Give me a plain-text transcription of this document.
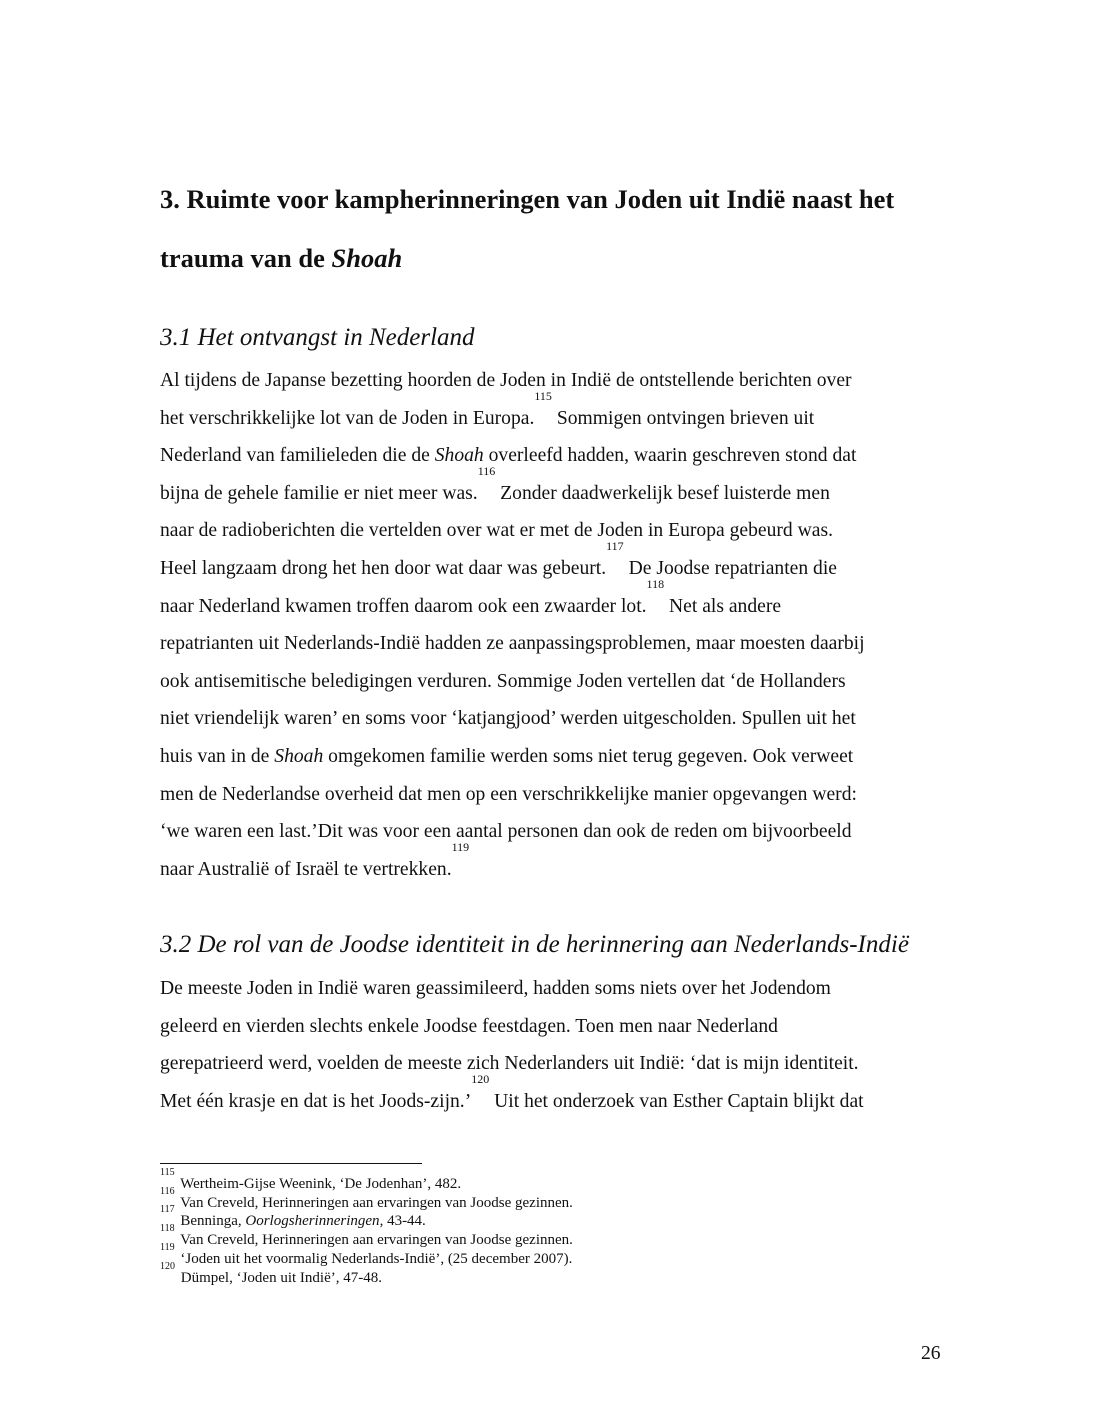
3. Ruimte voor kampherinneringen van Joden uit Indië naast het trauma van de Shoah
3.1 Het ontvangst in Nederland
Al tijdens de Japanse bezetting hoorden de Joden in Indië de ontstellende berichten over
het verschrikkelijke lot van de Joden in Europa.$^{115}$ Sommigen ontvingen brieven uit
Nederland van familieleden die de Shoah overleefd hadden, waarin geschreven stond dat
bijna de gehele familie er niet meer was.$^{116}$ Zonder daadwerkelijk besef luisterde men
naar de radioberichten die vertelden over wat er met de Joden in Europa gebeurd was.
Heel langzaam drong het hen door wat daar was gebeurt.$^{117}$ De Joodse repatrianten die
naar Nederland kwamen troffen daarom ook een zwaarder lot.$^{118}$ Net als andere
repatrianten uit Nederlands-Indië hadden ze aanpassingsproblemen, maar moesten daarbij
ook antisemitische beledigingen verduren. Sommige Joden vertellen dat ‘de Hollanders
niet vriendelijk waren’ en soms voor ‘katjangjood’ werden uitgescholden. Spullen uit het
huis van in de Shoah omgekomen familie werden soms niet terug gegeven. Ook verweet
men de Nederlandse overheid dat men op een verschrikkelijke manier opgevangen werd:
‘we waren een last.’Dit was voor een aantal personen dan ook de reden om bijvoorbeeld
naar Australië of Israël te vertrekken.$^{119}$
3.2 De rol van de Joodse identiteit in de herinnering aan Nederlands-Indië
De meeste Joden in Indië waren geassimileerd, hadden soms niets over het Jodendom
geleerd en vierden slechts enkele Joodse feestdagen. Toen men naar Nederland
gerepatrieerd werd, voelden de meeste zich Nederlanders uit Indië: ‘dat is mijn identiteit.
Met één krasje en dat is het Joods-zijn.’$^{120}$ Uit het onderzoek van Esther Captain blijkt dat
$^{115}$ Wertheim-Gijse Weenink, ‘De Jodenhan’, 482.
$^{116}$ Van Creveld, Herinneringen aan ervaringen van Joodse gezinnen.
$^{117}$ Benninga, Oorlogsherinneringen, 43-44.
$^{118}$ Van Creveld, Herinneringen aan ervaringen van Joodse gezinnen.
$^{119}$ ‘Joden uit het voormalig Nederlands-Indië’, (25 december 2007).
$^{120}$ Dümpel, ‘Joden uit Indië’, 47-48.
26
